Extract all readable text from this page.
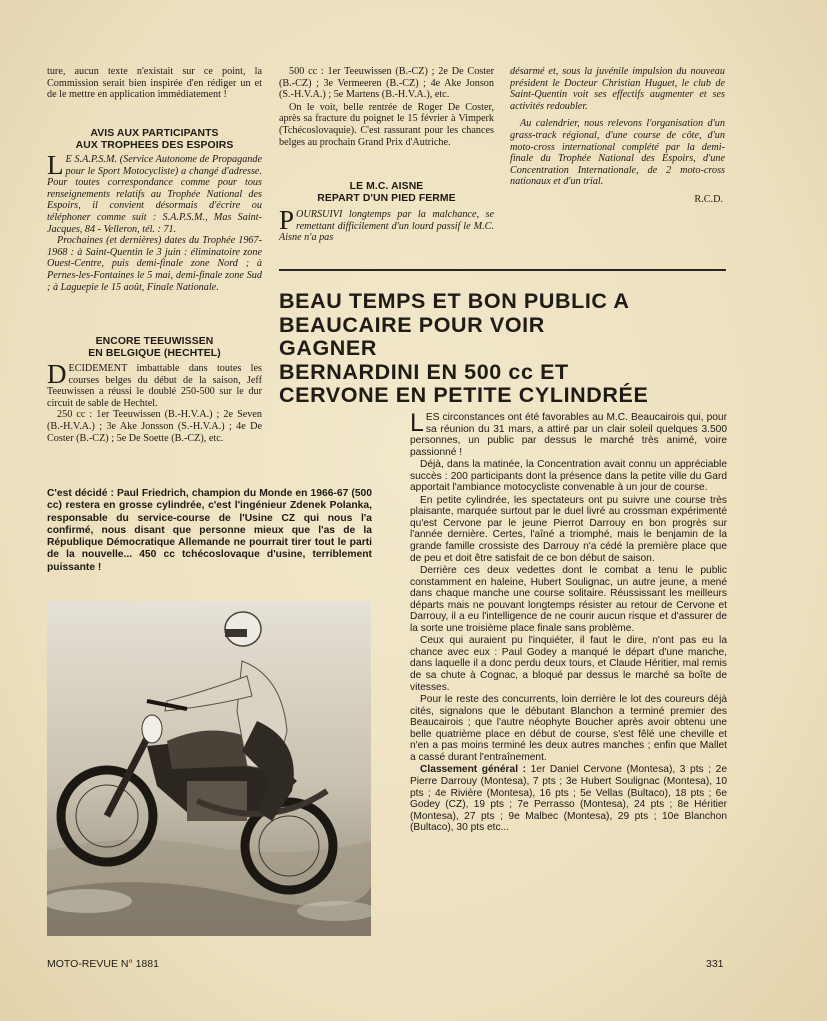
ture, aucun texte n'existait sur ce point, la Commission serait bien inspirée d'en rédiger un et de le mettre en application immédiatement !
AVIS AUX PARTICIPANTS
AUX TROPHEES DES ESPOIRS
L E S.A.P.S.M. (Service Autonome de Propagande pour le Sport Motocycliste) a changé d'adresse. Pour toutes correspondance comme pour tous renseignements relatifs au Trophée National des Espoirs, il convient désormais d'écrire ou téléphoner comme suit : S.A.P.S.M., Mas Saint-Jacques, 84 - Velleron, tél. : 71.
Prochaines (et dernières) dates du Trophée 1967-1968 : à Saint-Quentin le 3 juin : éliminatoire zone Ouest-Centre, puis demi-finale zone Nord ; à Pernes-les-Fontaines le 5 mai, demi-finale zone Sud ; à Laguepie le 15 août, Finale Nationale.
ENCORE TEEUWISSEN
EN BELGIQUE (HECHTEL)
DECIDEMENT imbattable dans toutes les courses belges du début de la saison, Jeff Teeuwissen a réussi le doublé 250-500 sur le dur circuit de sable de Hechtel.
250 cc : 1er Teeuwissen (B.-H.V.A.) ; 2e Seven (B.-H.V.A.) ; 3e Ake Jonsson (S.-H.V.A.) ; 4e De Coster (B.-CZ) ; 5e De Soette (B.-CZ), etc.
500 cc : 1er Teeuwissen (B.-CZ) ; 2e De Coster (B.-CZ) ; 3e Vermeeren (B.-CZ) ; 4e Ake Jonson (S.-H.V.A.) ; 5e Martens (B.-H.V.A.), etc.
On le voit, belle rentrée de Roger De Coster, après sa fracture du poignet le 15 février à Vimperk (Tchécoslovaquie). C'est rassurant pour les chances belges au prochain Grand Prix d'Autriche.
LE M.C. AISNE
REPART D'UN PIED FERME
POURSUIVI longtemps par la malchance, se remettant difficilement d'un lourd passif le M.C. Aisne n'a pas
désarmé et, sous la juvénile impulsion du nouveau président le Docteur Christian Huguet, le club de Saint-Quentin voit ses effectifs augmenter et ses activités redoubler.
Au calendrier, nous relevons l'organisation d'un grass-track régional, d'une course de côte, d'un moto-cross international complété par la demi-finale du Trophée National des Espoirs, d'une Concentration Internationale, de 2 moto-cross nationaux et d'un trial.
R.C.D.
BEAU TEMPS ET BON PUBLIC A
BEAUCAIRE POUR VOIR GAGNER
BERNARDINI EN 500 cc ET
CERVONE EN PETITE CYLINDRÉE
C'est décidé : Paul Friedrich, champion du Monde en 1966-67 (500 cc) restera en grosse cylindrée, c'est l'ingénieur Zdenek Polanka, responsable du service-course de l'Usine CZ qui nous l'a confirmé, nous disant que personne mieux que l'as de la République Démocratique Allemande ne pourrait tirer tout le parti de la nouvelle... 450 cc tchécoslovaque d'usine, terriblement puissante !

LES circonstances ont été favorables au M.C. Beaucairois qui, pour sa réunion du 31 mars, a attiré par un clair soleil quelques 3.500 personnes, un public par dessus le marché très animé, voire passionné !

Déjà, dans la matinée, la Concentration avait connu un appréciable succès : 200 participants dont la présence dans la petite ville du Gard apportait l'ambiance motocycliste convenable à un jour de course.

En petite cylindrée, les spectateurs ont pu suivre une course très plaisante, marquée surtout par le duel livré au crossman expérimenté qu'est Cervone par le jeune Pierrot Darrouy en bon progrès sur l'année dernière. Certes, l'aîné a triomphé, mais le benjamin de la grande famille crossiste des Darrouy n'a cédé la première place que de peu et doit être satisfait de ce bon début de saison.

Derrière ces deux vedettes dont le combat a tenu le public constamment en haleine, Hubert Soulignac, un autre jeune, a mené dans chaque manche une course solitaire. Réussissant les meilleurs départs mais ne pouvant longtemps résister au retour de Cervone et Darrouy, il a eu l'intelligence de ne courir aucun risque et d'assurer de la sorte une troisième place finale sans problème.

Ceux qui auraient pu l'inquiéter, il faut le dire, n'ont pas eu la chance avec eux : Paul Godey a manqué le départ d'une manche, dans laquelle il a donc perdu deux tours, et Claude Héritier, mal remis de sa chute à Cognac, a bloqué par dessus le marché sa boîte de vitesses.

Pour le reste des concurrents, loin derrière le lot des coureurs déjà cités, signalons que le débutant Blanchon a terminé premier des Beaucairois ; que l'autre néophyte Boucher après avoir obtenu une belle quatrième place en début de course, s'est fêlé une cheville et n'en a pas moins terminé les deux autres manches ; enfin que Mallet a cassé durant l'entraînement.

Classement général : 1er Daniel Cervone (Montesa), 3 pts ; 2e Pierre Darrouy (Montesa), 7 pts ; 3e Hubert Soulignac (Montesa), 10 pts ; 4e Rivière (Montesa), 16 pts ; 5e Vellas (Bultaco), 18 pts ; 6e Godey (CZ), 19 pts ; 7e Perrasso (Montesa), 24 pts ; 8e Héritier (Montesa), 27 pts ; 9e Malbec (Montesa), 29 pts ; 10e Blanchon (Bultaco), 30 pts etc...

MOTO-REVUE N° 1881	331
